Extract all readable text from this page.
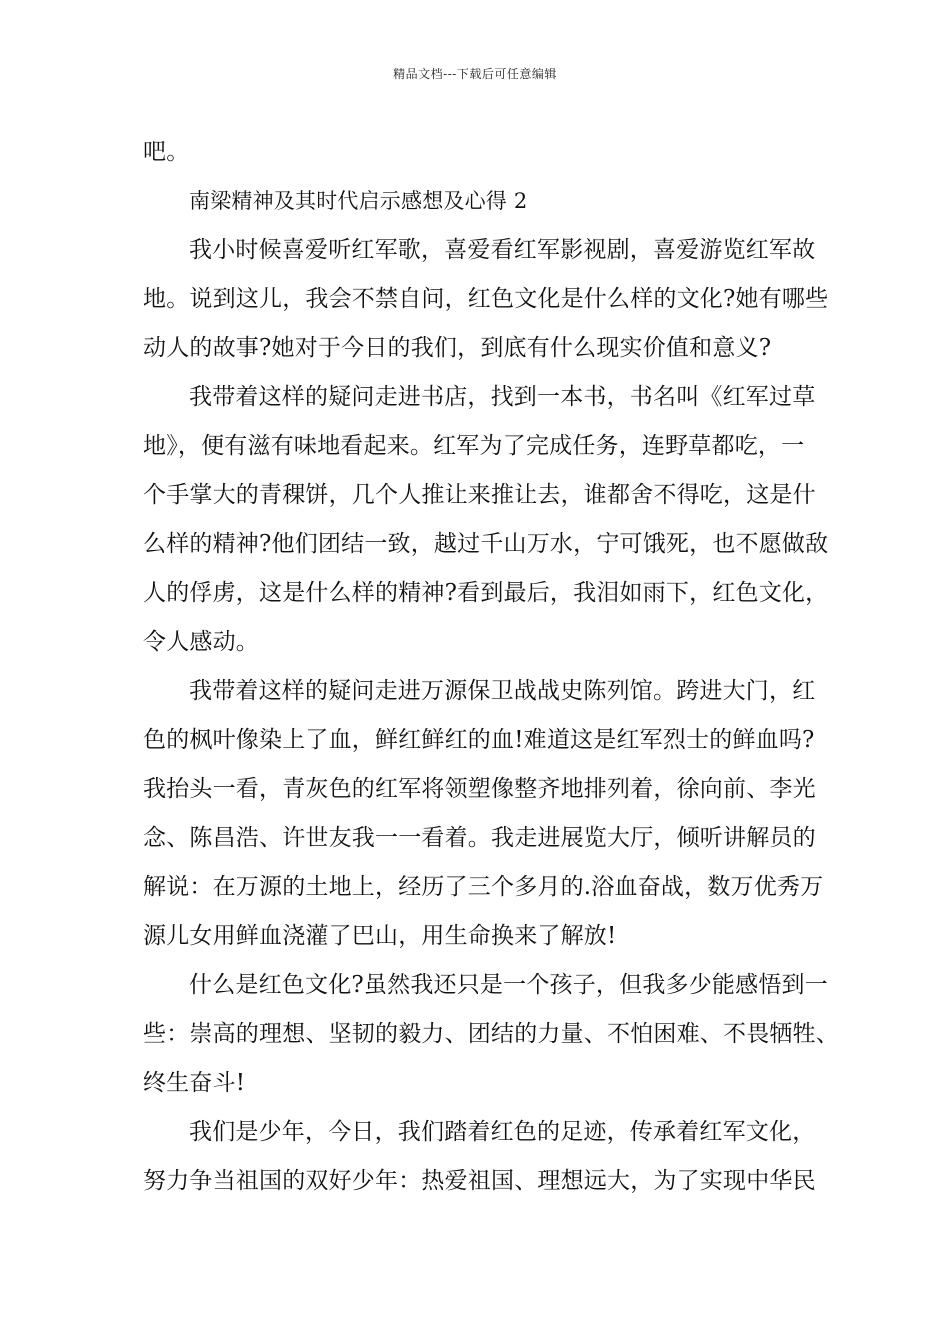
精品文档---下载后可任意编辑
吧。
南梁精神及其时代启示感想及心得 2
我小时候喜爱听红军歌，喜爱看红军影视剧，喜爱游览红军故
地。说到这儿，我会不禁自问，红色文化是什么样的文化?她有哪些
动人的故事?她对于今日的我们，到底有什么现实价值和意义?
我带着这样的疑问走进书店，找到一本书，书名叫《红军过草
地》，便有滋有味地看起来。红军为了完成任务，连野草都吃，一
个手掌大的青稞饼，几个人推让来推让去，谁都舍不得吃，这是什
么样的精神?他们团结一致，越过千山万水，宁可饿死，也不愿做敌
人的俘虏，这是什么样的精神?看到最后，我泪如雨下，红色文化，
令人感动。
我带着这样的疑问走进万源保卫战战史陈列馆。跨进大门，红
色的枫叶像染上了血，鲜红鲜红的血!难道这是红军烈士的鲜血吗?
我抬头一看，青灰色的红军将领塑像整齐地排列着，徐向前、李光
念、陈昌浩、许世友我一一看着。我走进展览大厅，倾听讲解员的
解说：在万源的土地上，经历了三个多月的.浴血奋战，数万优秀万
源儿女用鲜血浇灌了巴山，用生命换来了解放!
什么是红色文化?虽然我还只是一个孩子，但我多少能感悟到一
些：崇高的理想、坚韧的毅力、团结的力量、不怕困难、不畏牺牲、
终生奋斗!
我们是少年，今日，我们踏着红色的足迹，传承着红军文化，
努力争当祖国的双好少年：热爱祖国、理想远大，为了实现中华民
